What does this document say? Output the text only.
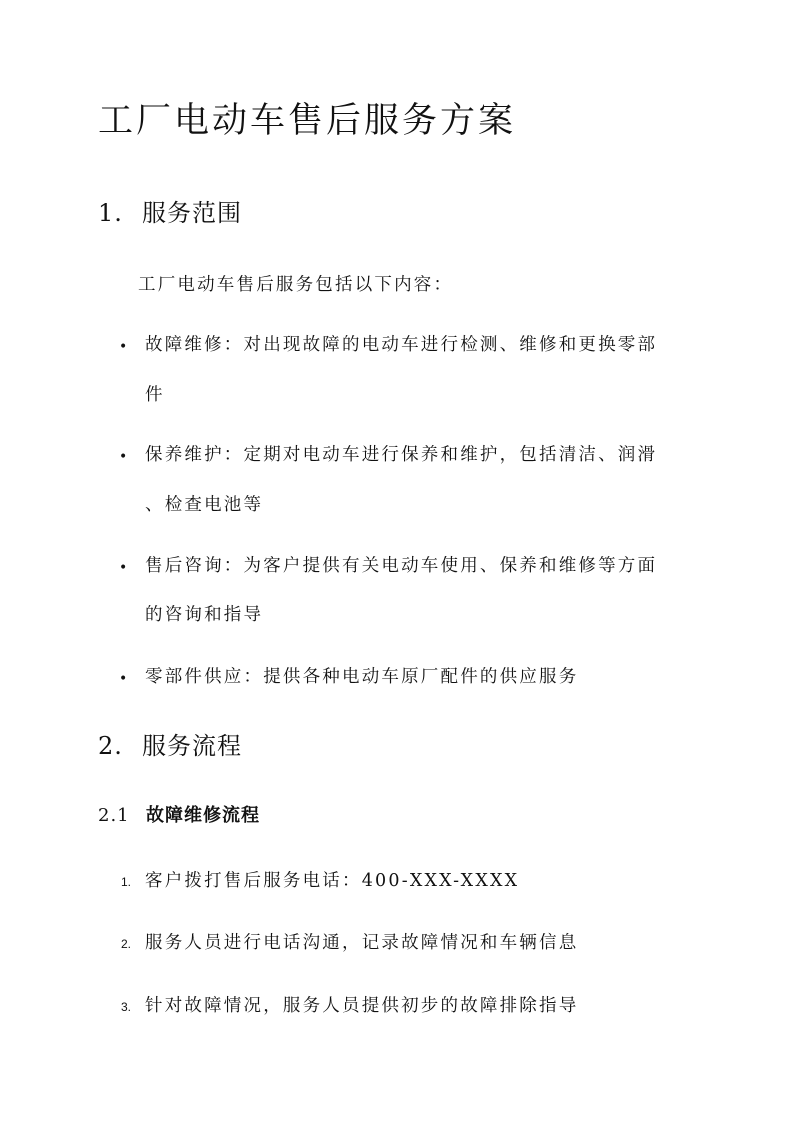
工厂电动车售后服务方案
1. 服务范围
工厂电动车售后服务包括以下内容：
• 故障维修：对出现故障的电动车进行检测、维修和更换零部
件
• 保养维护：定期对电动车进行保养和维护，包括清洁、润滑
、检查电池等
• 售后咨询：为客户提供有关电动车使用、保养和维修等方面
的咨询和指导
• 零部件供应：提供各种电动车原厂配件的供应服务
2. 服务流程
2.1 故障维修流程
1. 客户拨打售后服务电话：400-XXX-XXXX
2. 服务人员进行电话沟通，记录故障情况和车辆信息
3. 针对故障情况，服务人员提供初步的故障排除指导
